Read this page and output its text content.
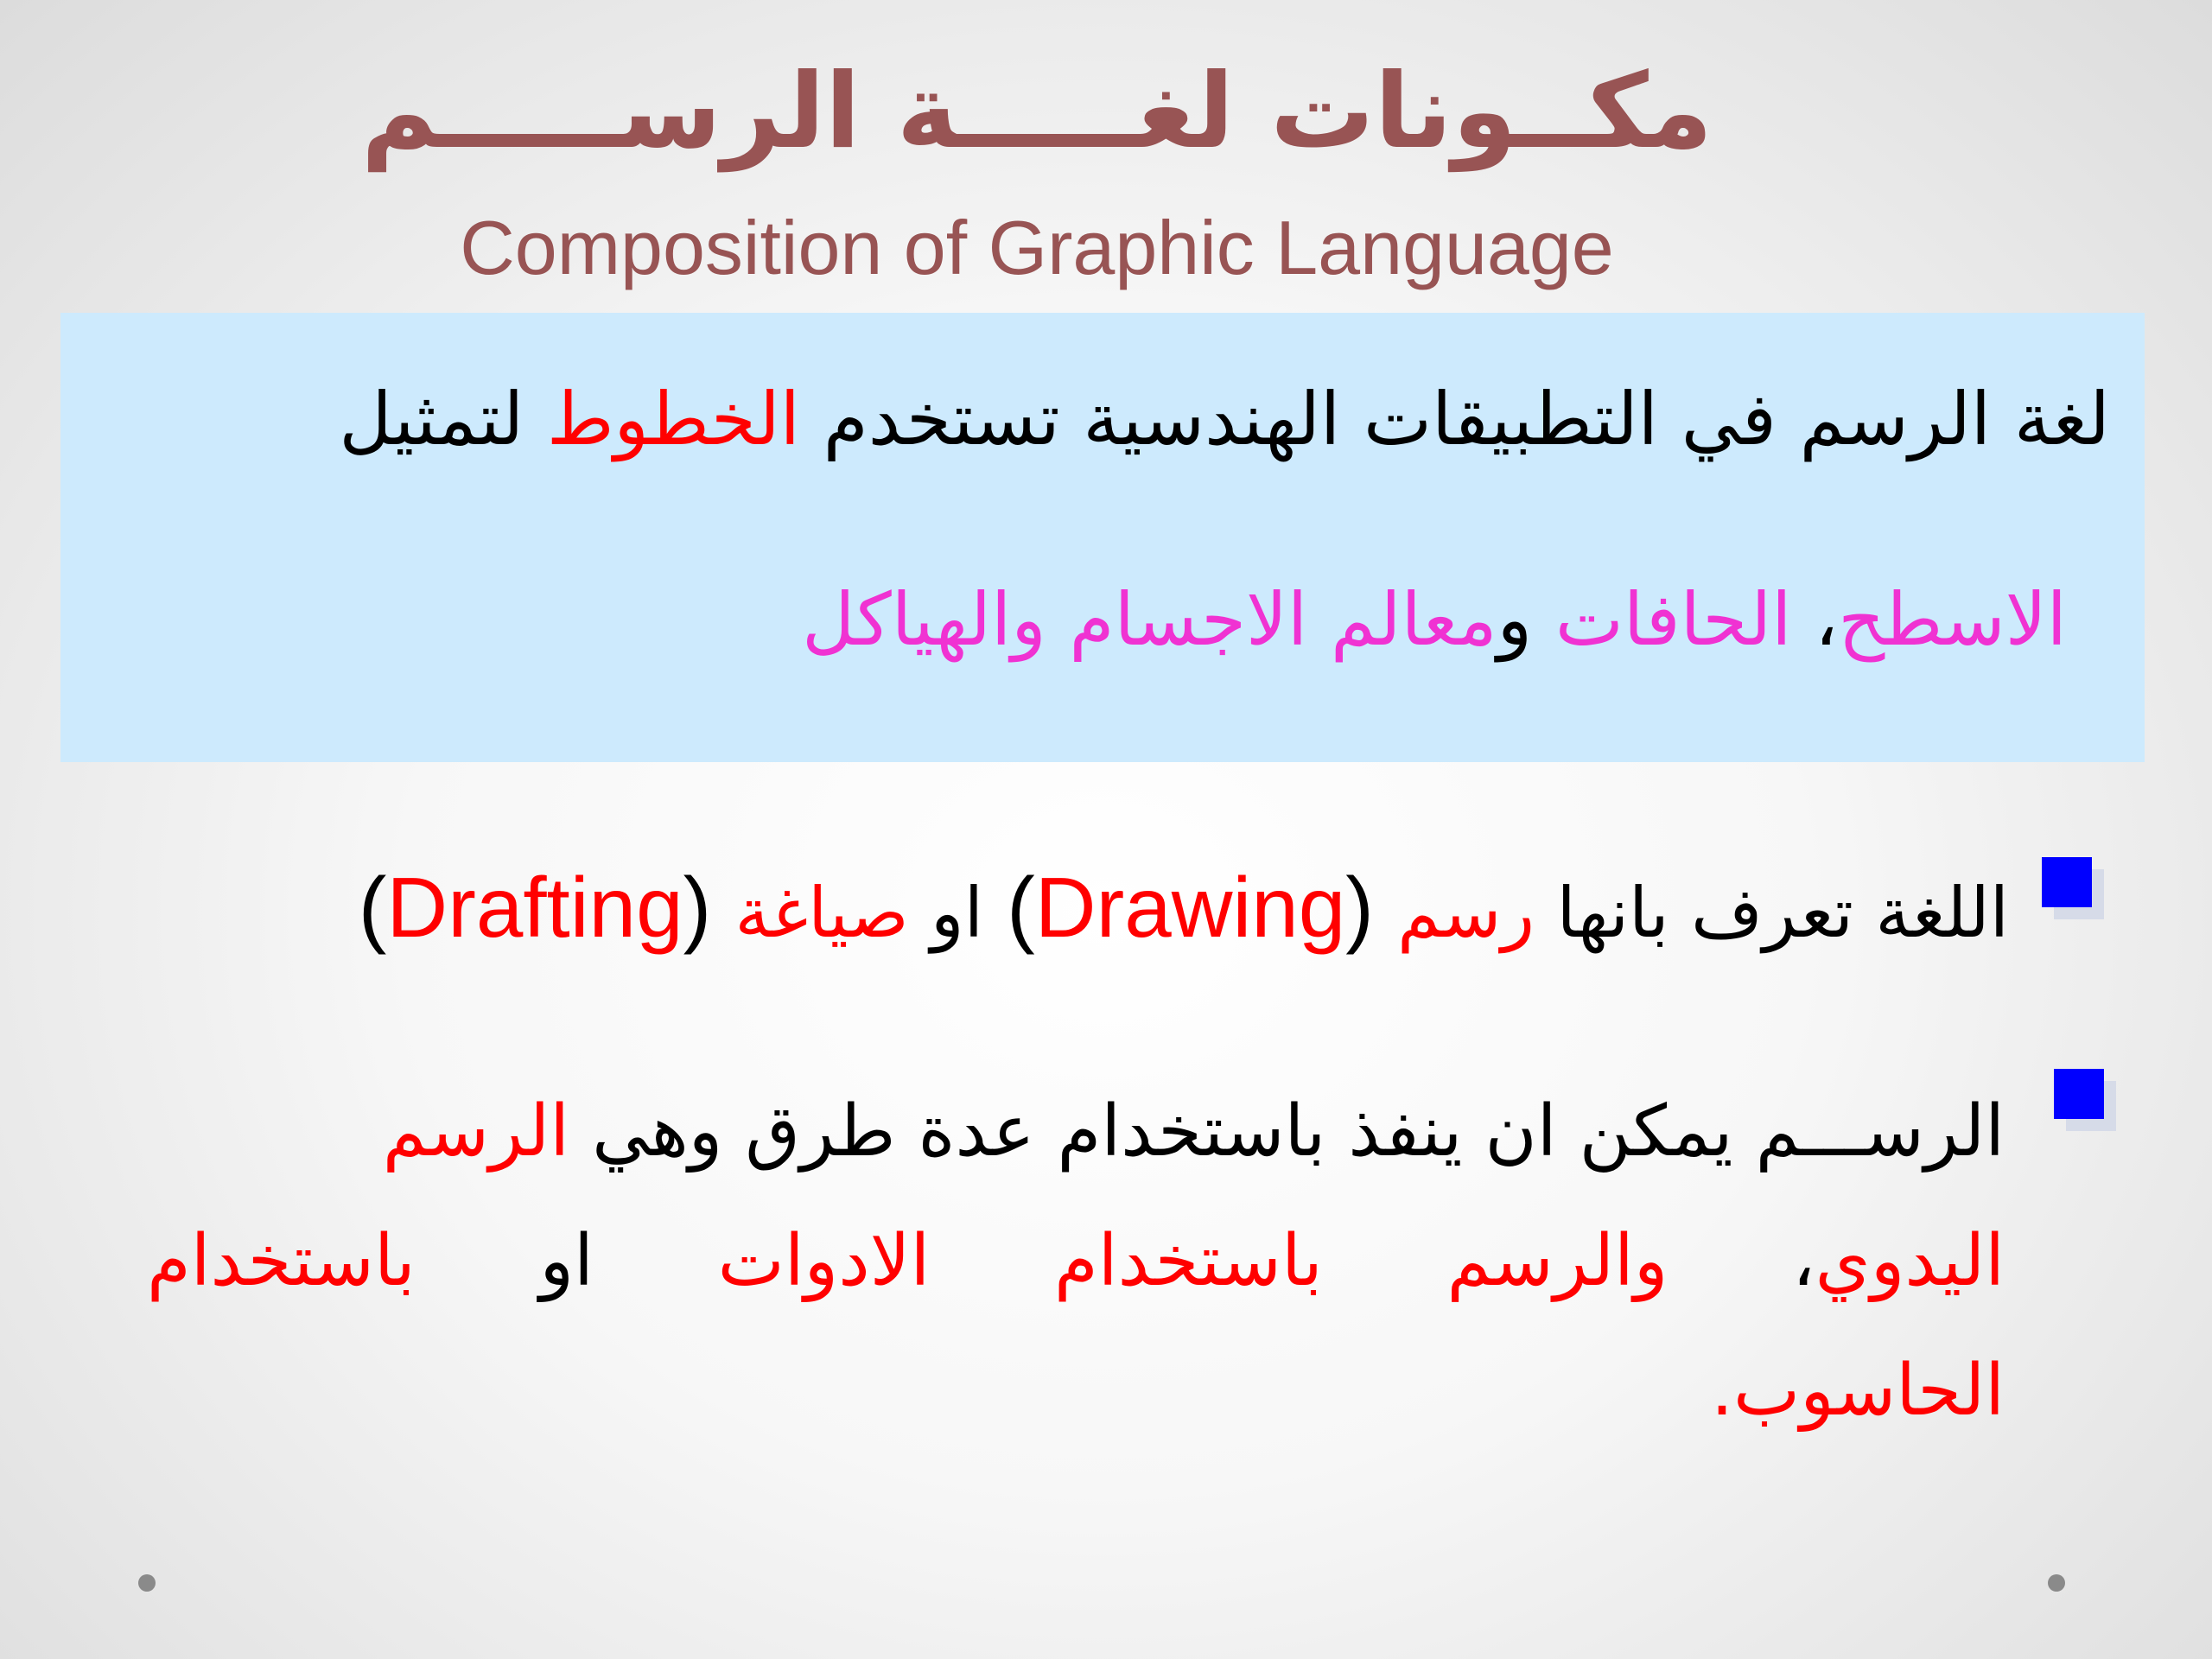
مكــونات لغـــــة الرســـــم
Composition of Graphic Language
لغة الرسم في التطبيقات الهندسية تستخدم الخطوط لتمثيل
الاسطح، الحافات ومعالم الاجسام والهياكل
اللغة تعرف بانها رسم (Drawing) او صياغة (Drafting)
الرســـم يمكن ان ينفذ باستخدام عدة طرق وهي الرسم
اليدوي، والرسم باستخدام الادوات او باستخدام
الحاسوب.
